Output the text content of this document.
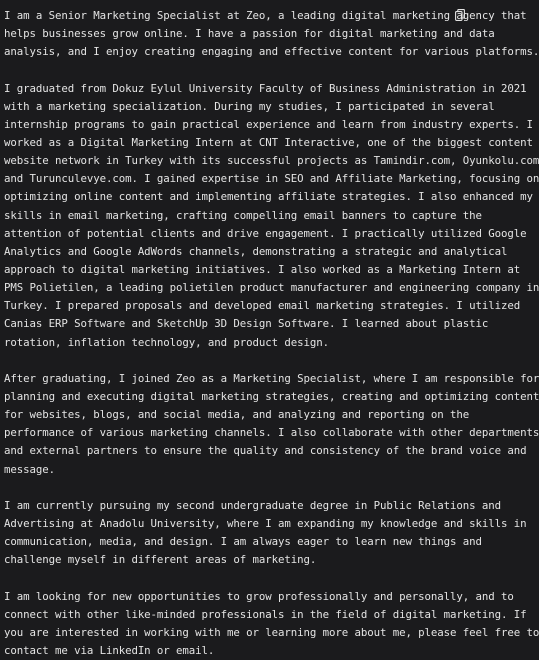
I am a Senior Marketing Specialist at Zeo, a leading digital marketing agency that
helps businesses grow online. I have a passion for digital marketing and data
analysis, and I enjoy creating engaging and effective content for various platforms.

I graduated from Dokuz Eylul University Faculty of Business Administration in 2021
with a marketing specialization. During my studies, I participated in several
internship programs to gain practical experience and learn from industry experts. I
worked as a Digital Marketing Intern at CNT Interactive, one of the biggest content
website network in Turkey with its successful projects as Tamindir.com, Oyunkolu.com
and Turunculevye.com. I gained expertise in SEO and Affiliate Marketing, focusing on
optimizing online content and implementing affiliate strategies. I also enhanced my
skills in email marketing, crafting compelling email banners to capture the
attention of potential clients and drive engagement. I practically utilized Google
Analytics and Google AdWords channels, demonstrating a strategic and analytical
approach to digital marketing initiatives. I also worked as a Marketing Intern at
PMS Polietilen, a leading polietilen product manufacturer and engineering company in
Turkey. I prepared proposals and developed email marketing strategies. I utilized
Canias ERP Software and SketchUp 3D Design Software. I learned about plastic
rotation, inflation technology, and product design.

After graduating, I joined Zeo as a Marketing Specialist, where I am responsible for
planning and executing digital marketing strategies, creating and optimizing content
for websites, blogs, and social media, and analyzing and reporting on the
performance of various marketing channels. I also collaborate with other departments
and external partners to ensure the quality and consistency of the brand voice and
message.

I am currently pursuing my second undergraduate degree in Public Relations and
Advertising at Anadolu University, where I am expanding my knowledge and skills in
communication, media, and design. I am always eager to learn new things and
challenge myself in different areas of marketing.

I am looking for new opportunities to grow professionally and personally, and to
connect with other like-minded professionals in the field of digital marketing. If
you are interested in working with me or learning more about me, please feel free to
contact me via LinkedIn or email.
